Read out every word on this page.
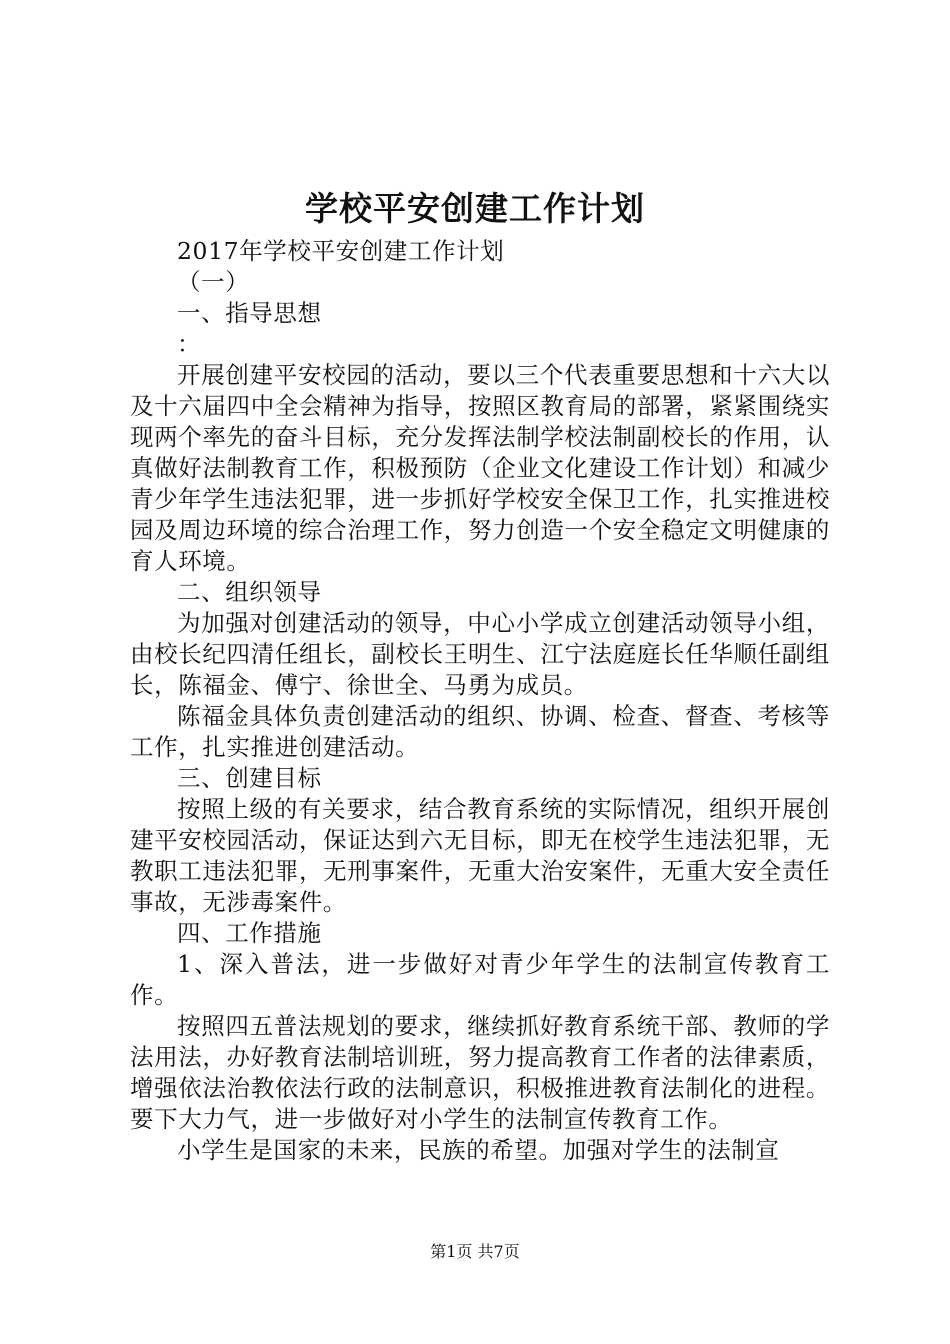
学校平安创建工作计划

2017年学校平安创建工作计划

（一）

一、指导思想

：

开展创建平安校园的活动，要以三个代表重要思想和十六大以及十六届四中全会精神为指导，按照区教育局的部署，紧紧围绕实现两个率先的奋斗目标，充分发挥法制学校法制副校长的作用，认真做好法制教育工作，积极预防（企业文化建设工作计划）和减少青少年学生违法犯罪，进一步抓好学校安全保卫工作，扎实推进校园及周边环境的综合治理工作，努力创造一个安全稳定文明健康的育人环境。

二、组织领导

为加强对创建活动的领导，中心小学成立创建活动领导小组，由校长纪四清任组长，副校长王明生、江宁法庭庭长任华顺任副组长，陈福金、傅宁、徐世全、马勇为成员。

陈福金具体负责创建活动的组织、协调、检查、督查、考核等工作，扎实推进创建活动。

三、创建目标

按照上级的有关要求，结合教育系统的实际情况，组织开展创建平安校园活动，保证达到六无目标，即无在校学生违法犯罪，无教职工违法犯罪，无刑事案件，无重大治安案件，无重大安全责任事故，无涉毒案件。

四、工作措施

1、深入普法，进一步做好对青少年学生的法制宣传教育工作。

按照四五普法规划的要求，继续抓好教育系统干部、教师的学法用法，办好教育法制培训班，努力提高教育工作者的法律素质，增强依法治教依法行政的法制意识，积极推进教育法制化的进程。要下大力气，进一步做好对小学生的法制宣传教育工作。

小学生是国家的未来，民族的希望。加强对学生的法制宣

第1页 共7页
